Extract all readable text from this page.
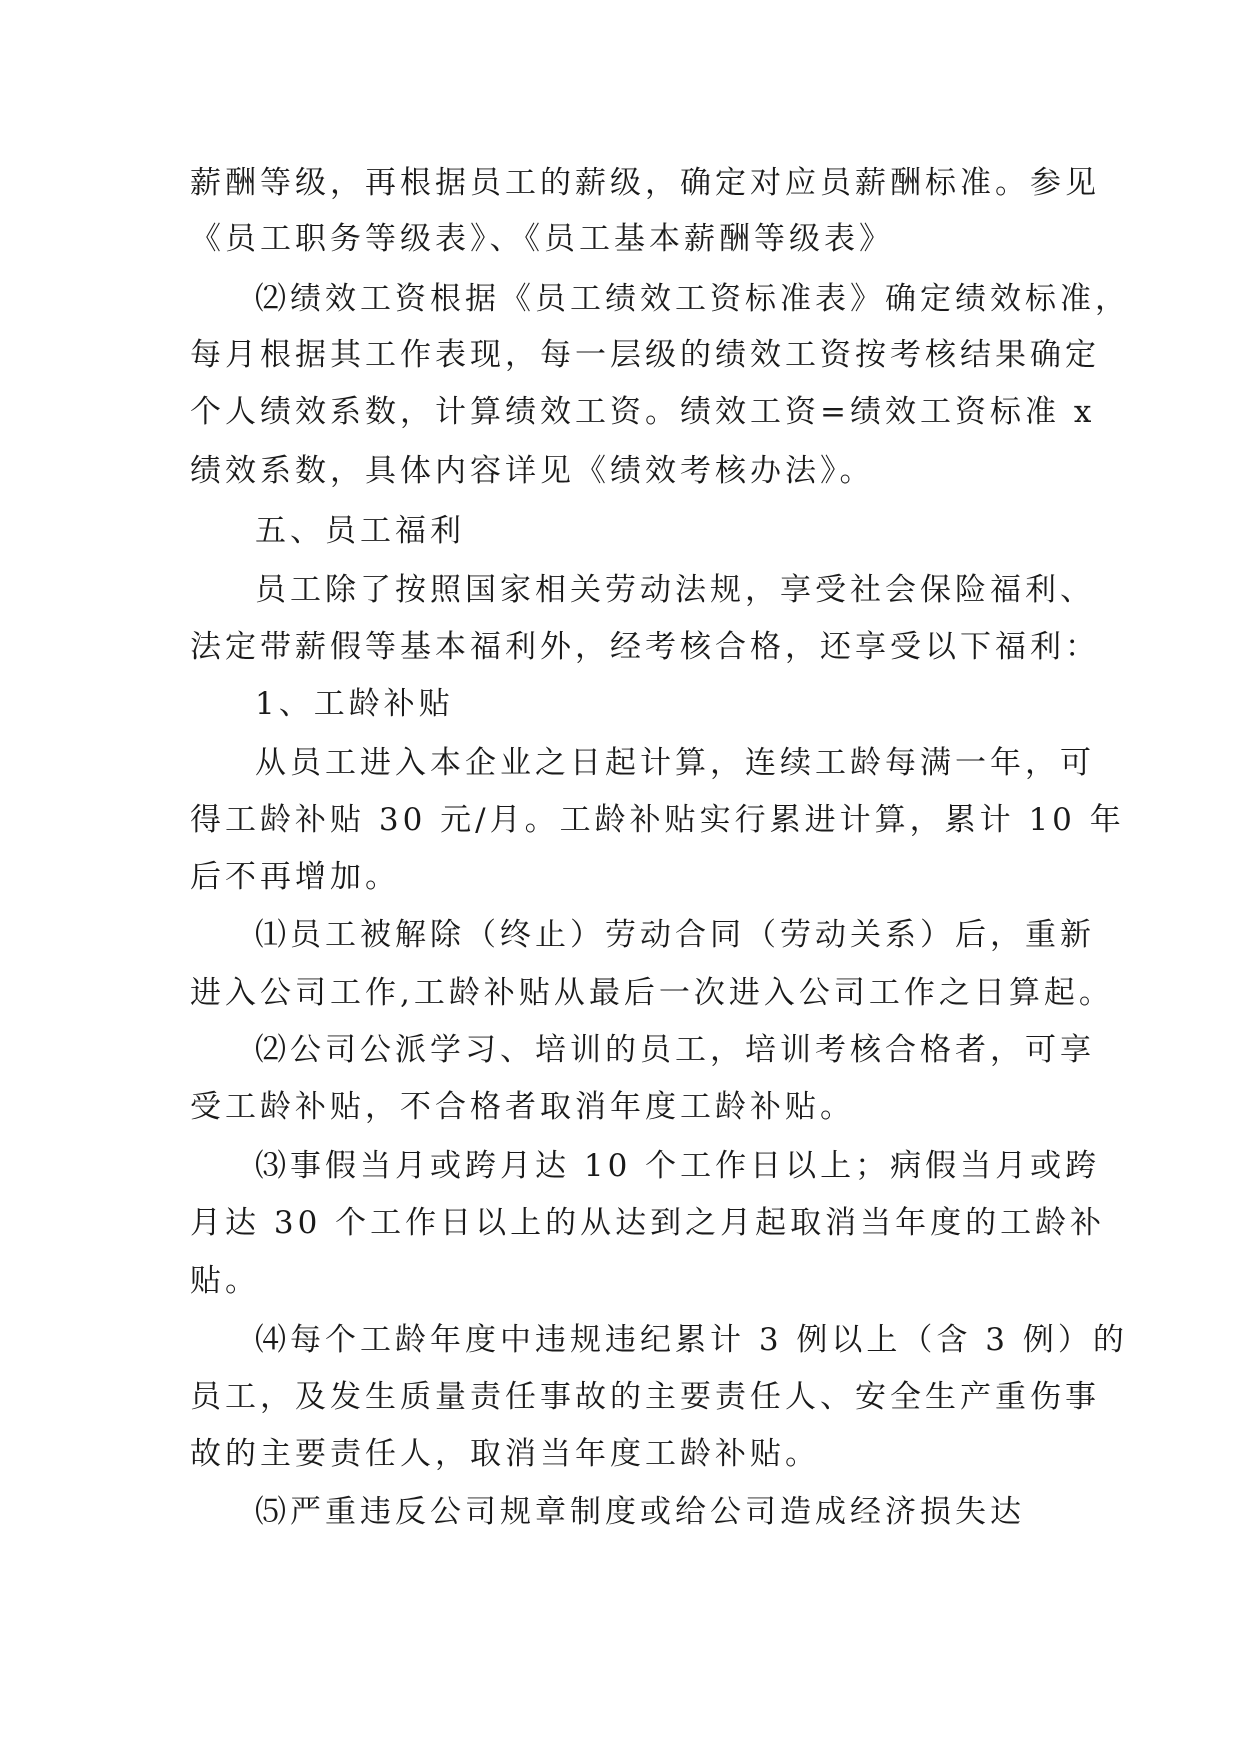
薪酬等级，再根据员工的薪级，确定对应员薪酬标准。参见
《员工职务等级表》、《员工基本薪酬等级表》
⑵绩效工资根据《员工绩效工资标准表》确定绩效标准，
每月根据其工作表现，每一层级的绩效工资按考核结果确定
个人绩效系数，计算绩效工资。绩效工资=绩效工资标准 x
绩效系数，具体内容详见《绩效考核办法》。
五、员工福利
员工除了按照国家相关劳动法规，享受社会保险福利、
法定带薪假等基本福利外，经考核合格，还享受以下福利：
1、工龄补贴
从员工进入本企业之日起计算，连续工龄每满一年，可
得工龄补贴 30 元/月。工龄补贴实行累进计算，累计 10 年
后不再增加。
⑴员工被解除（终止）劳动合同（劳动关系）后，重新
进入公司工作,工龄补贴从最后一次进入公司工作之日算起。
⑵公司公派学习、培训的员工，培训考核合格者，可享
受工龄补贴，不合格者取消年度工龄补贴。
⑶事假当月或跨月达 10 个工作日以上；病假当月或跨
月达 30 个工作日以上的从达到之月起取消当年度的工龄补
贴。
⑷每个工龄年度中违规违纪累计 3 例以上（含 3 例）的
员工，及发生质量责任事故的主要责任人、安全生产重伤事
故的主要责任人，取消当年度工龄补贴。
⑸严重违反公司规章制度或给公司造成经济损失达
